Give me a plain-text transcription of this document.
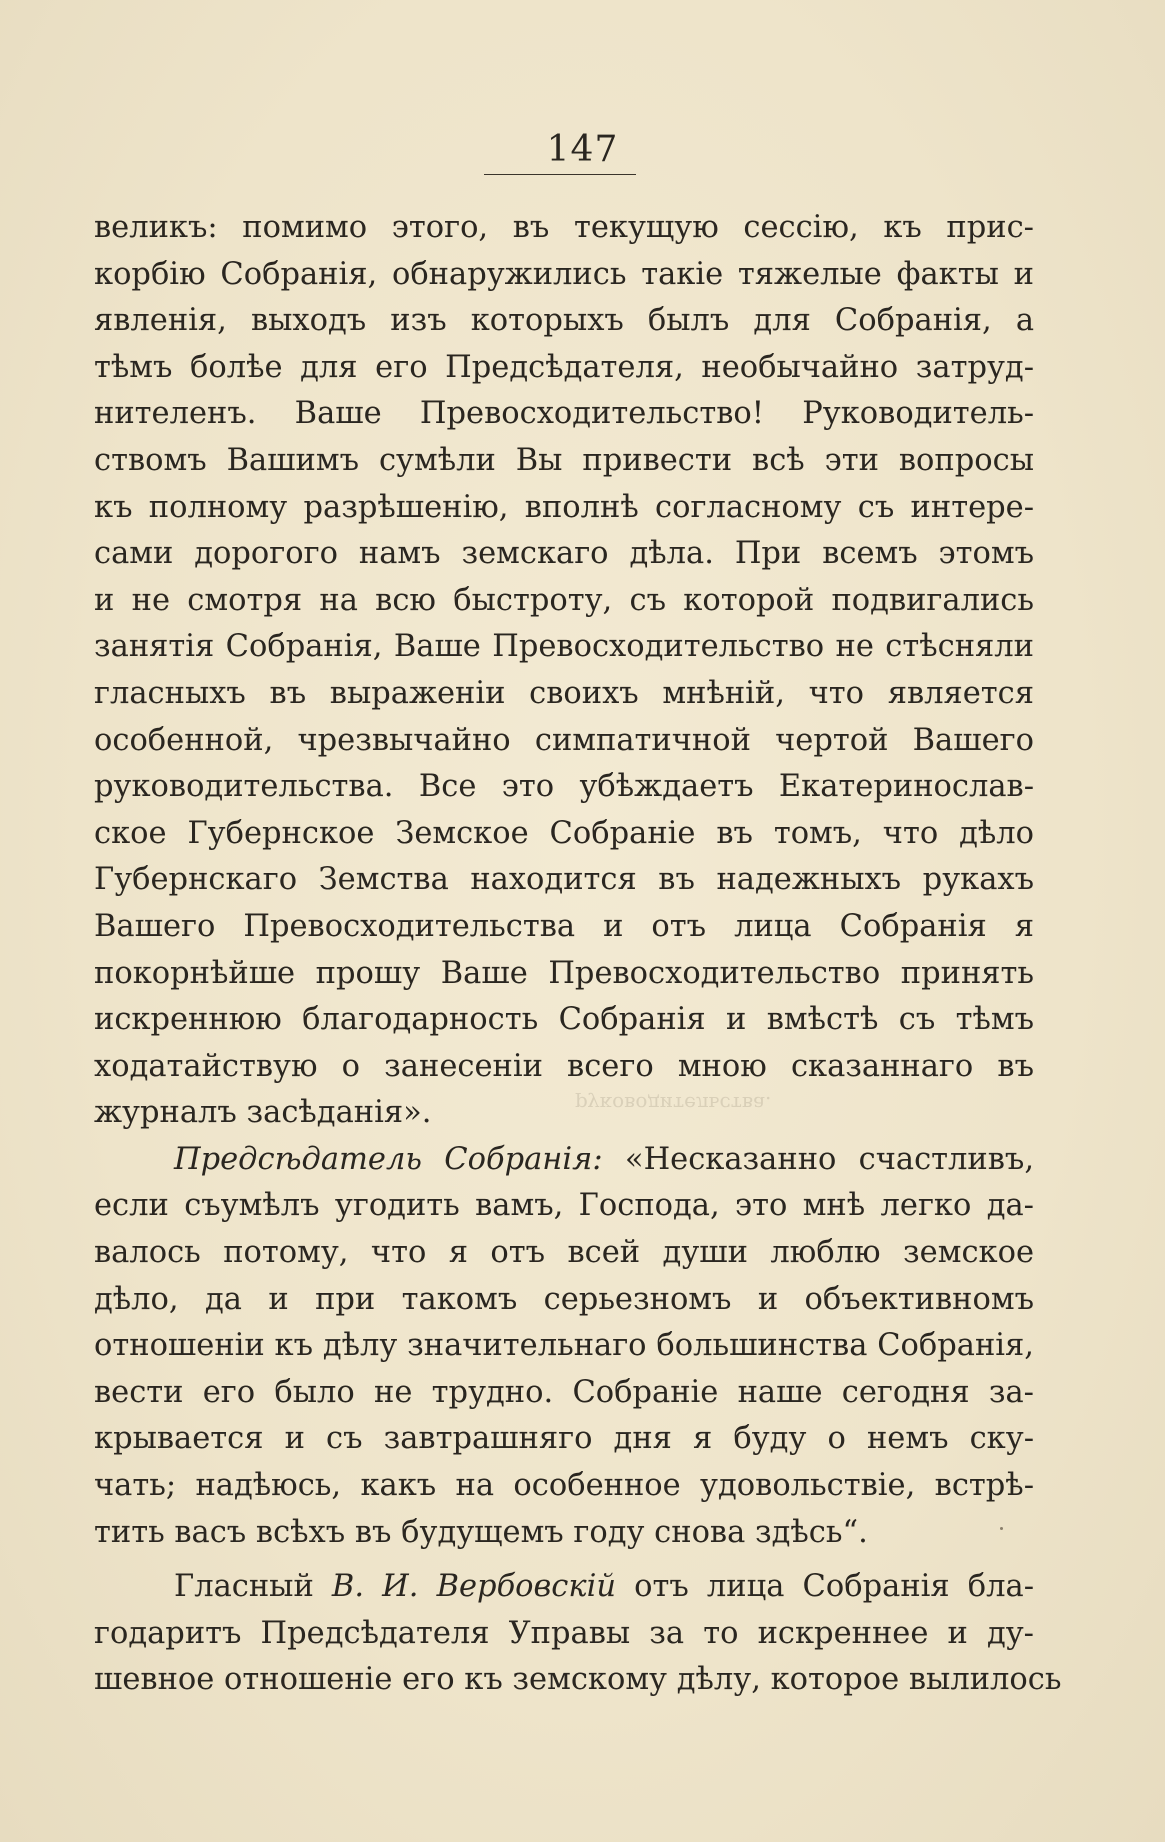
147
великъ: помимо этого, въ текущую сессію, къ прис-
корбію Собранія, обнаружились такіе тяжелые факты и
явленія, выходъ изъ которыхъ былъ для Собранія, а
тѣмъ болѣе для его Предсѣдателя, необычайно затруд-
нителенъ. Ваше Превосходительство! Руководитель-
ствомъ Вашимъ сумѣли Вы привести всѣ эти вопросы
къ полному разрѣшенію, вполнѣ согласному съ интере-
сами дорогого намъ земскаго дѣла. При всемъ этомъ
и не смотря на всю быстроту, съ которой подвигались
занятія Собранія, Ваше Превосходительство не стѣсняли
гласныхъ въ выраженіи своихъ мнѣній, что является
особенной, чрезвычайно симпатичной чертой Вашего
руководительства. Все это убѣждаетъ Екатеринослав-
ское Губернское Земское Собраніе въ томъ, что дѣло
Губернскаго Земства находится въ надежныхъ рукахъ
Вашего Превосходительства и отъ лица Собранія я
покорнѣйше прошу Ваше Превосходительство принять
искреннюю благодарность Собранія и вмѣстѣ съ тѣмъ
ходатайствую о занесеніи всего мною сказаннаго въ
журналъ засѣданія».
Предсѣдатель Собранія: «Несказанно счастливъ,
если съумѣлъ угодить вамъ, Господа, это мнѣ легко да-
валось потому, что я отъ всей души люблю земское
дѣло, да и при такомъ серьезномъ и объективномъ
отношеніи къ дѣлу значительнаго большинства Собранія,
вести его было не трудно. Собраніе наше сегодня за-
крывается и съ завтрашняго дня я буду о немъ ску-
чать; надѣюсь, какъ на особенное удовольствіе, встрѣ-
тить васъ всѣхъ въ будущемъ году снова здѣсь“.
Гласный В. И. Вербовскій отъ лица Собранія бла-
годаритъ Предсѣдателя Управы за то искреннее и ду-
шевное отношеніе его къ земскому дѣлу, которое вылилось
руководительства.
